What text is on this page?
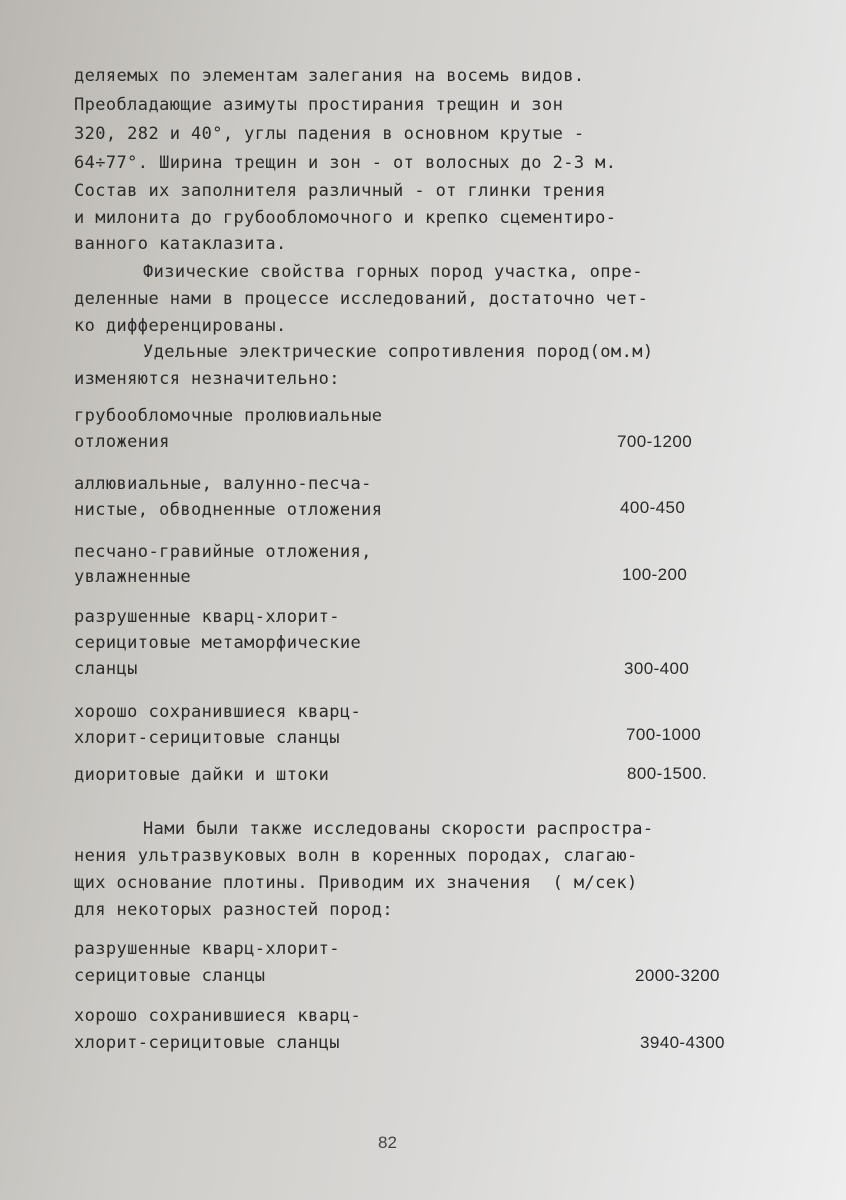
деляемых по элементам залегания на восемь видов.
Преобладающие азимуты простирания трещин и зон
320, 282 и 40°, углы падения в основном крутые -
64÷77°. Ширина трещин и зон - от волосных до 2-3 м.
Состав их заполнителя различный - от глинки трения
и милонита до грубообломочного и крепко сцементиро-
ванного катаклазита.
Физические свойства горных пород участка, опре-
деленные нами в процессе исследований, достаточно чет-
ко дифференцированы.
Удельные электрические сопротивления пород(ом.м)
изменяются незначительно:
грубообломочные пролювиальные
отложения	700-1200
аллювиальные, валунно-песча-
нистые, обводненные отложения	400-450
песчано-гравийные отложения,
увлажненные	100-200
разрушенные кварц-хлорит-
серицитовые метаморфические
сланцы	300-400
хорошо сохранившиеся кварц-
хлорит-серицитовые сланцы	700-1000
диоритовые дайки и штоки	800-1500.
Нами были также исследованы скорости распростра-
нения ультразвуковых волн в коренных породах, слагаю-
щих основание плотины. Приводим их значения  ( м/сек)
для некоторых разностей пород:
разрушенные кварц-хлорит-
серицитовые сланцы	2000-3200
хорошо сохранившиеся кварц-
хлорит-серицитовые сланцы	3940-4300
82
